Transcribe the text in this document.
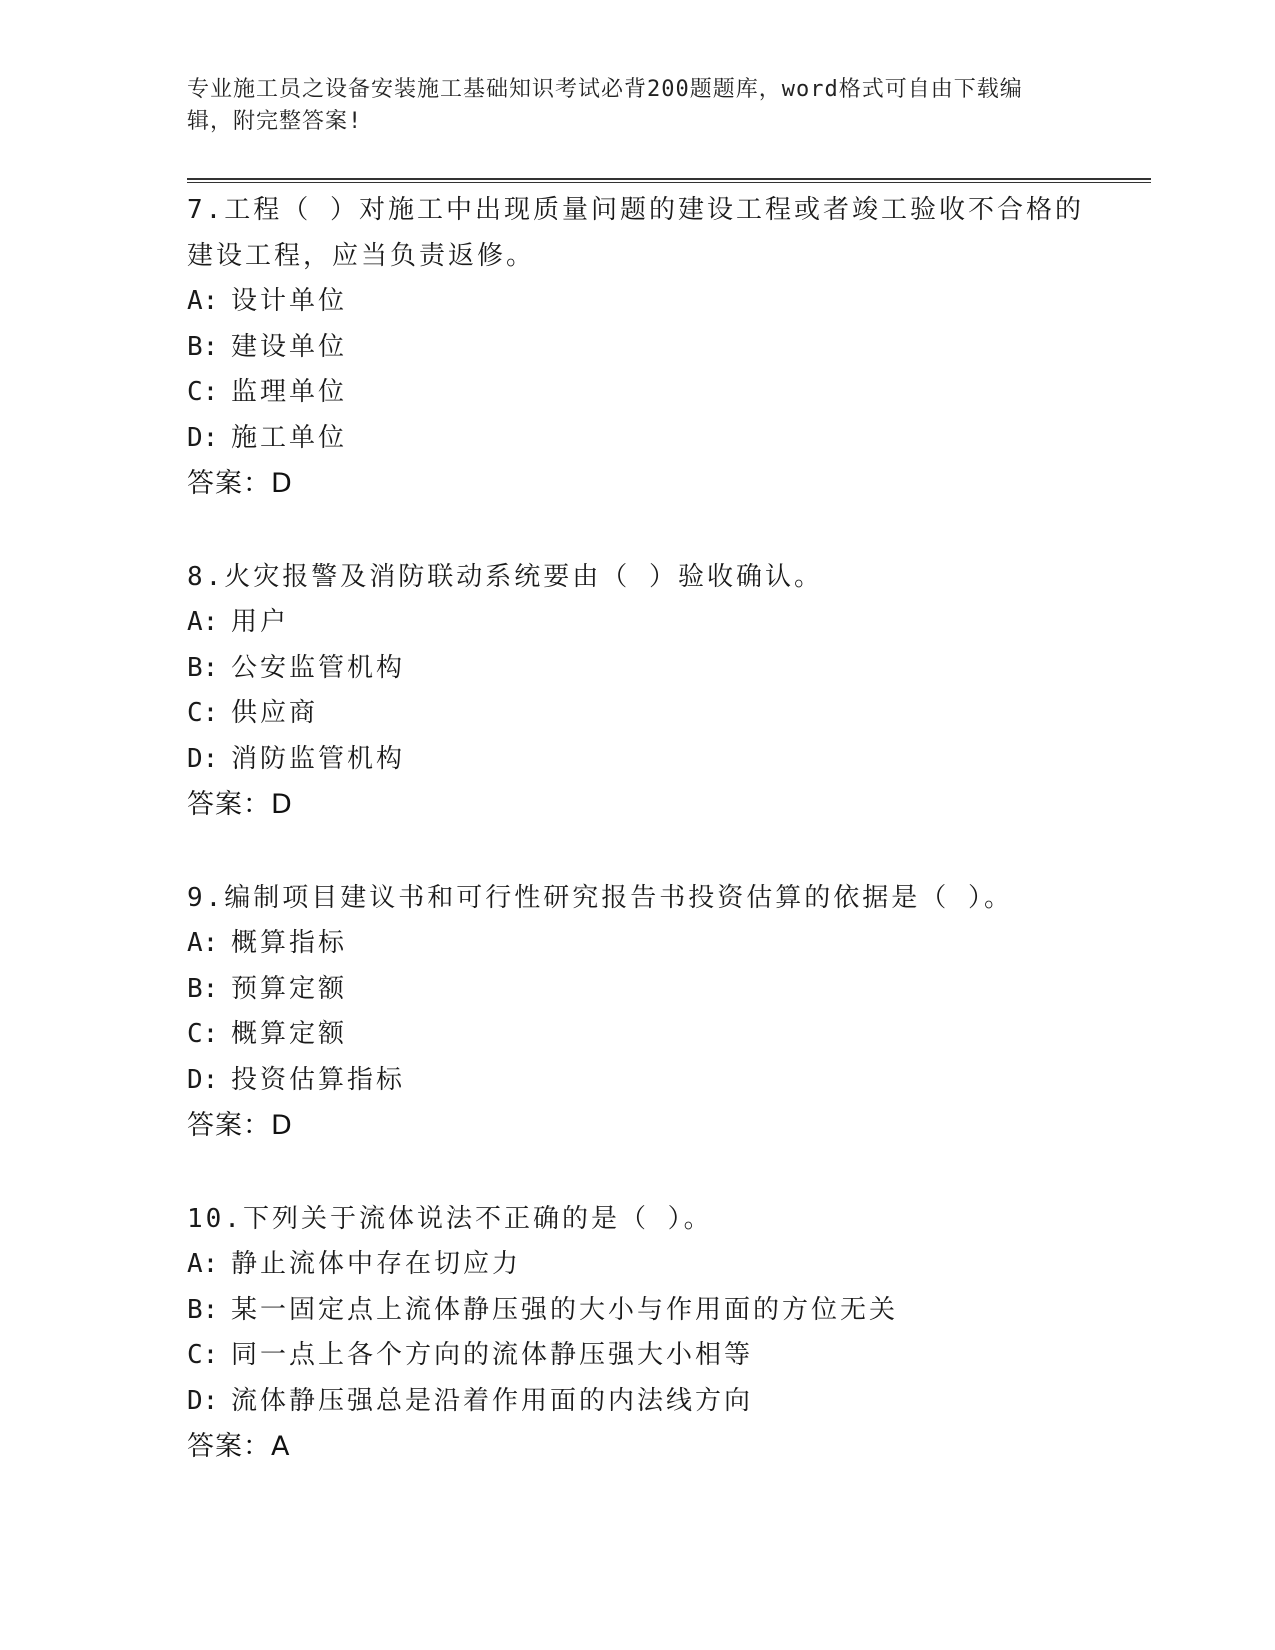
专业施工员之设备安装施工基础知识考试必背200题题库，word格式可自由下载编辑，附完整答案!
7.工程（ ）对施工中出现质量问题的建设工程或者竣工验收不合格的建设工程，应当负责返修。
A: 设计单位
B: 建设单位
C: 监理单位
D: 施工单位
答案：D
8.火灾报警及消防联动系统要由（ ）验收确认。
A: 用户
B: 公安监管机构
C: 供应商
D: 消防监管机构
答案：D
9.编制项目建议书和可行性研究报告书投资估算的依据是（ ）。
A: 概算指标
B: 预算定额
C: 概算定额
D: 投资估算指标
答案：D
10.下列关于流体说法不正确的是（ ）。
A: 静止流体中存在切应力
B: 某一固定点上流体静压强的大小与作用面的方位无关
C: 同一点上各个方向的流体静压强大小相等
D: 流体静压强总是沿着作用面的内法线方向
答案：A
